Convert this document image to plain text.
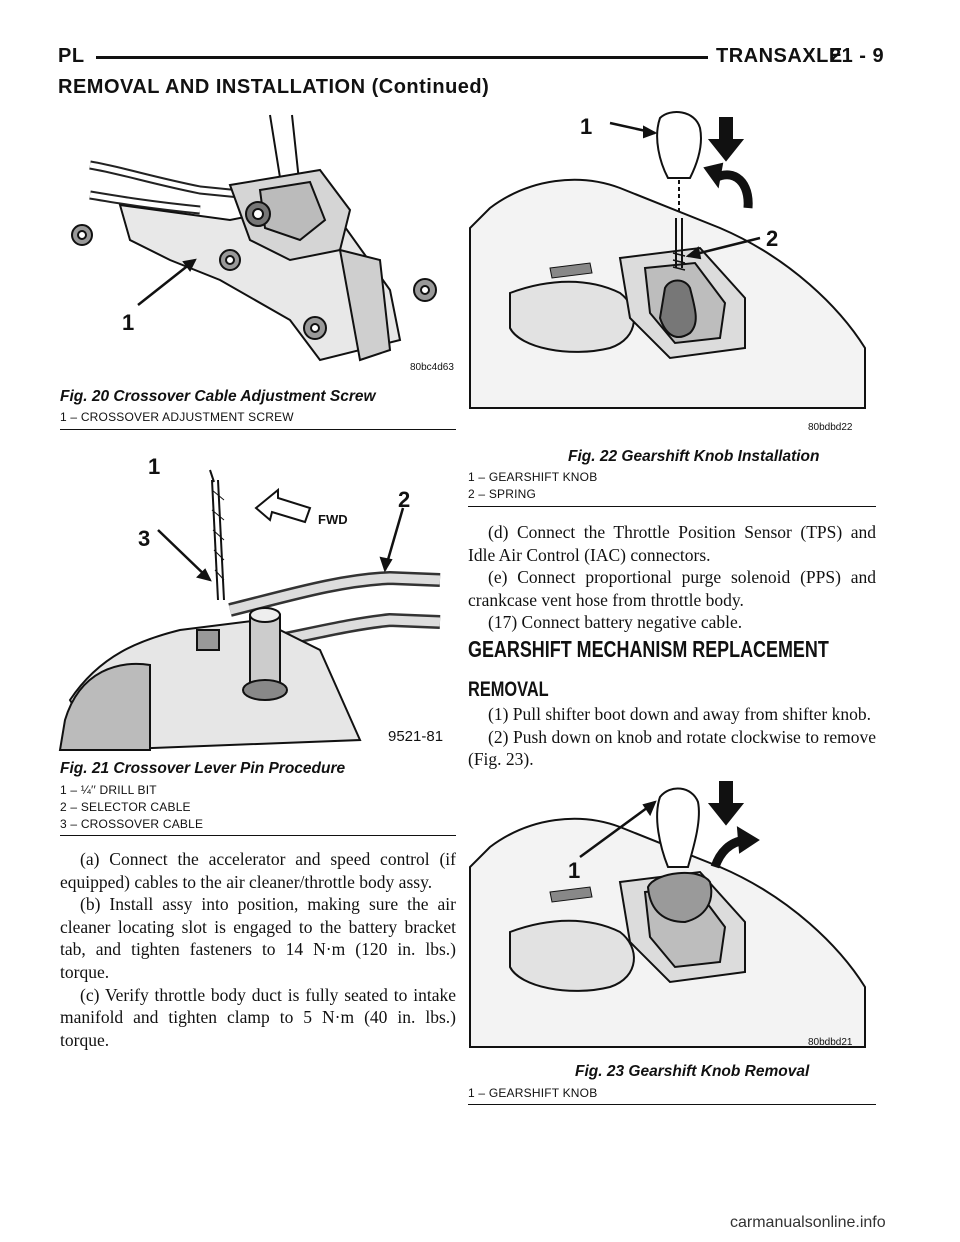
PL	TRANSAXLE
21 - 9
REMOVAL AND INSTALLATION (Continued)
1
80bc4d63
Fig. 20 Crossover Cable Adjustment Screw
1 – CROSSOVER ADJUSTMENT SCREW
1
2
3
FWD
9521-81
Fig. 21 Crossover Lever Pin Procedure
1 – ¼′′ DRILL BIT
2 – SELECTOR CABLE
3 – CROSSOVER CABLE

(a) Connect the accelerator and speed control (if equipped) cables to the air cleaner/throttle body assy.

(b) Install assy into position, making sure the air cleaner locating slot is engaged to the battery bracket tab, and tighten fasteners to 14 N·m (120 in. lbs.) torque.

(c) Verify throttle body duct is fully seated to intake manifold and tighten clamp to 5 N·m (40 in. lbs.) torque.

1
2
80bdbd22
Fig. 22 Gearshift Knob Installation
1 – GEARSHIFT KNOB
2 – SPRING

(d) Connect the Throttle Position Sensor (TPS) and Idle Air Control (IAC) connectors.

(e) Connect proportional purge solenoid (PPS) and crankcase vent hose from throttle body.

(17) Connect battery negative cable.

GEARSHIFT MECHANISM REPLACEMENT
REMOVAL

(1) Pull shifter boot down and away from shifter knob.

(2) Push down on knob and rotate clockwise to remove (Fig. 23).

1
80bdbd21
Fig. 23 Gearshift Knob Removal
1 – GEARSHIFT KNOB
carmanualsonline.info
